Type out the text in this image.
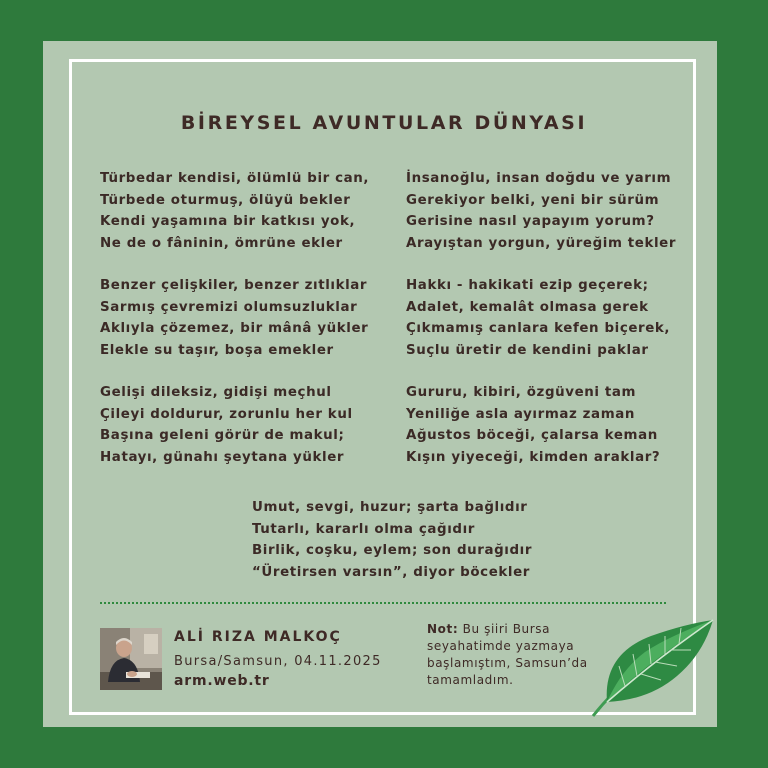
BİREYSEL AVUNTULAR DÜNYASI
Türbedar kendisi, ölümlü bir can,
Türbede oturmuş, ölüyü bekler
Kendi yaşamına bir katkısı yok,
Ne de o fâninin, ömrüne ekler
Benzer çelişkiler, benzer zıtlıklar
Sarmış çevremizi olumsuzluklar
Aklıyla çözemez, bir mânâ yükler
Elekle su taşır, boşa emekler
Gelişi dileksiz, gidişi meçhul
Çileyi doldurur, zorunlu her kul
Başına geleni görür de makul;
Hatayı, günahı şeytana yükler
İnsanoğlu, insan doğdu ve yarım
Gerekiyor belki, yeni bir sürüm
Gerisine nasıl yapayım yorum?
Arayıştan yorgun, yüreğim tekler
Hakkı - hakikati ezip geçerek;
Adalet, kemalât olmasa gerek
Çıkmamış canlara kefen biçerek,
Suçlu üretir de kendini paklar
Gururu, kibiri, özgüveni tam
Yeniliğe asla ayırmaz zaman
Ağustos böceği, çalarsa keman
Kışın yiyeceği, kimden araklar?
Umut, sevgi, huzur; şarta bağlıdır
Tutarlı, kararlı olma çağıdır
Birlik, coşku, eylem; son durağıdır
“Üretirsen varsın”, diyor böcekler
ALİ RIZA MALKOÇ
Bursa/Samsun, 04.11.2025
arm.web.tr
Not: Bu şiiri Bursa seyahatimde yazmaya başlamıştım, Samsun’da tamamladım.
